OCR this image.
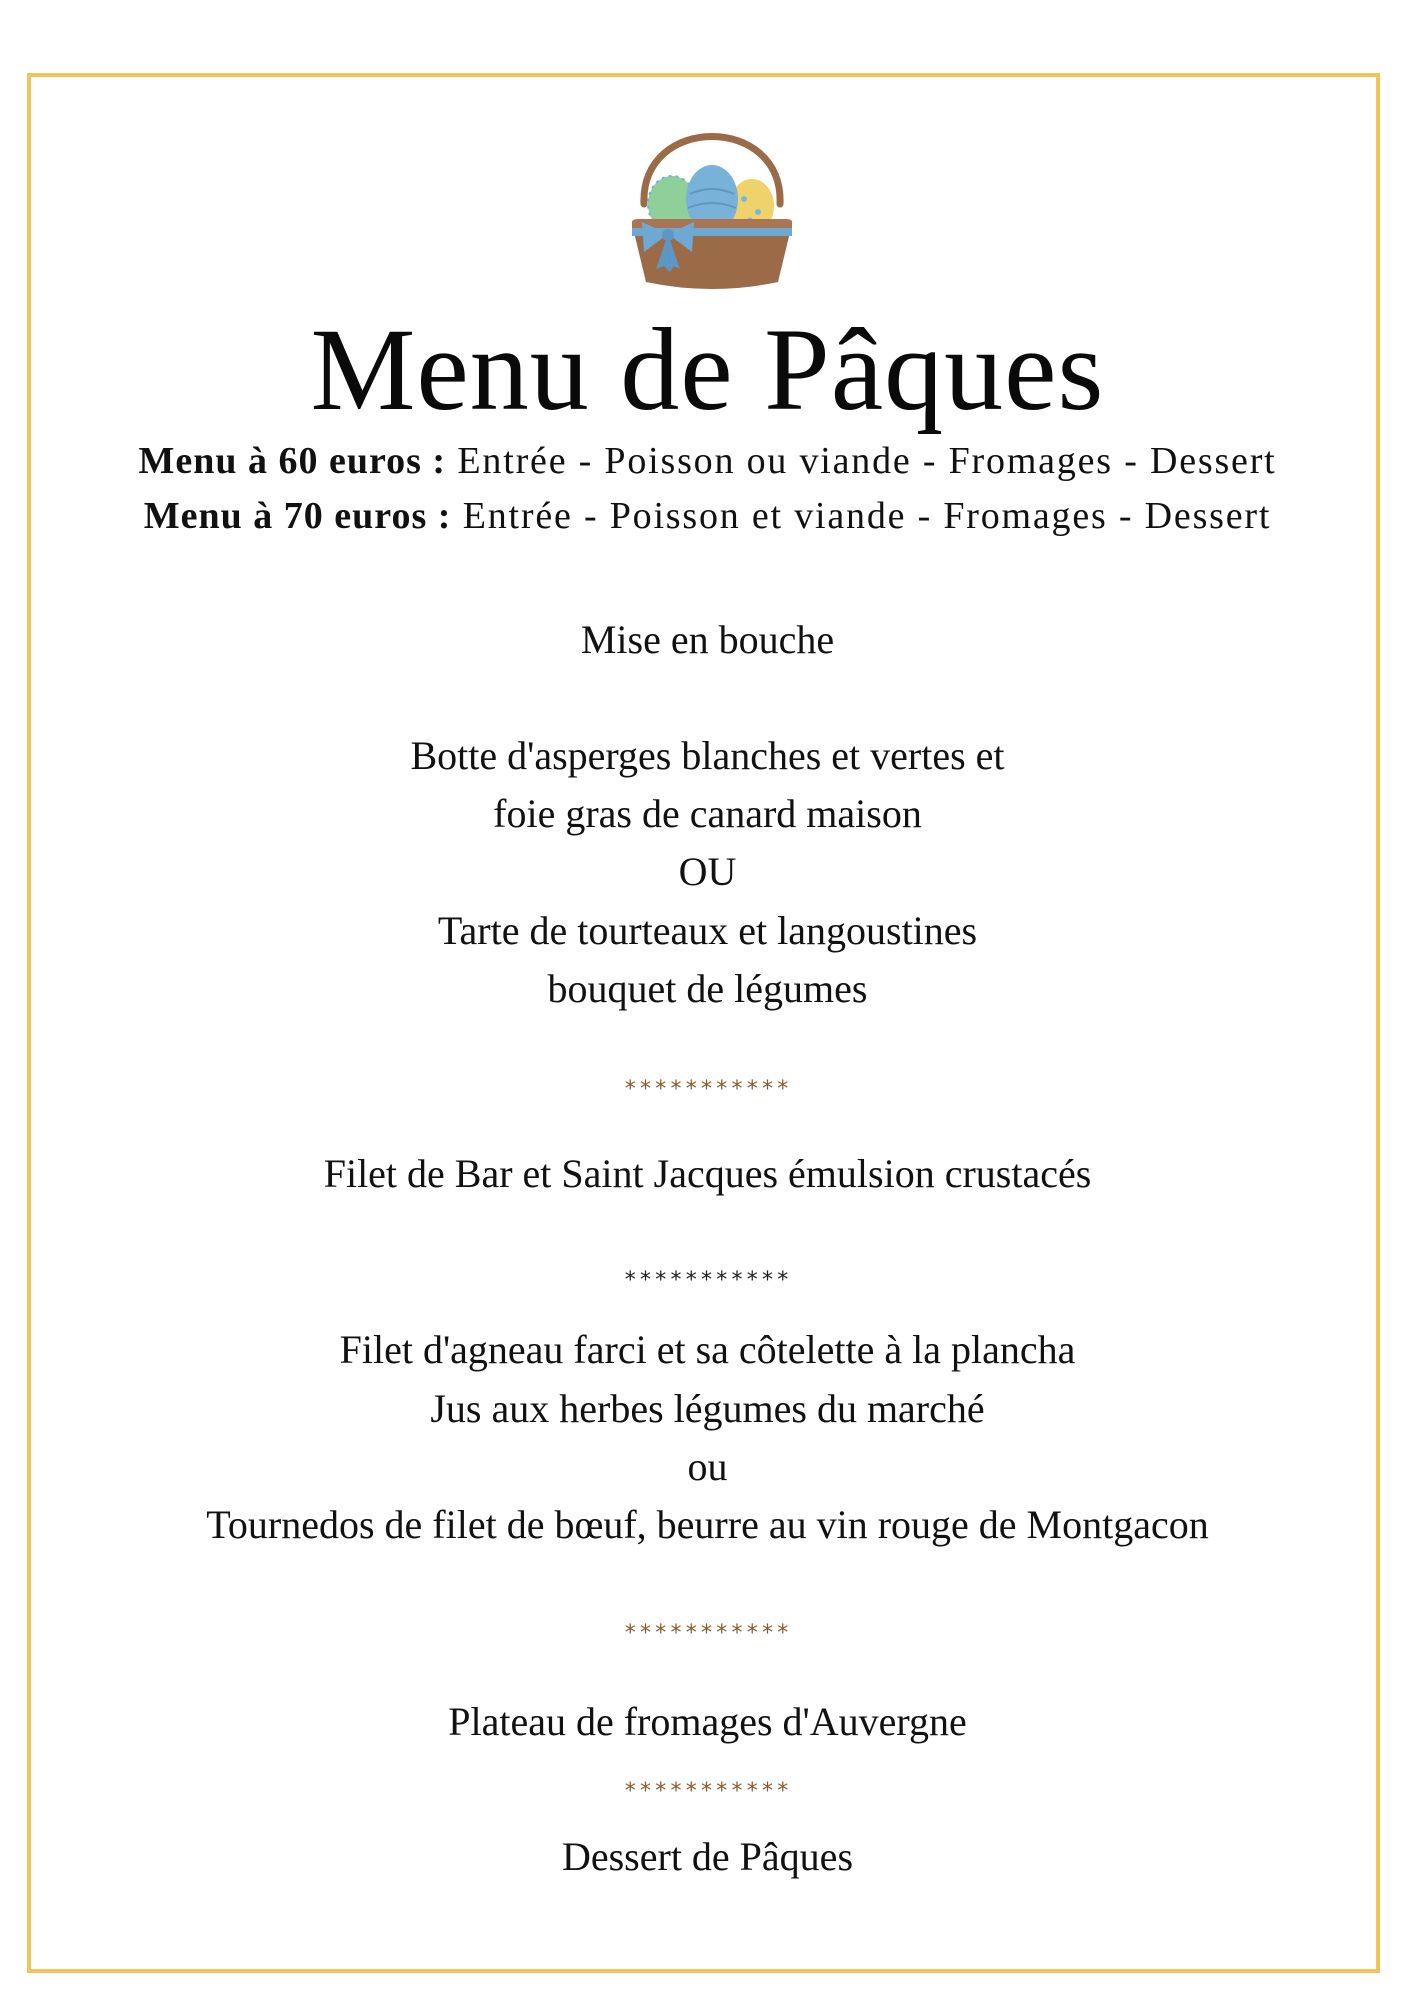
Menu de Pâques
Menu à 60 euros : Entrée - Poisson ou viande - Fromages - Dessert
Menu à 70 euros : Entrée - Poisson et viande - Fromages - Dessert
Mise en bouche
Botte d'asperges blanches et vertes et
foie gras de canard maison
OU
Tarte de tourteaux et langoustines
bouquet de légumes
***********
Filet de Bar et Saint Jacques émulsion crustacés
***********
Filet d'agneau farci et sa côtelette à la plancha
Jus aux herbes légumes du marché
ou
Tournedos de filet de bœuf, beurre au vin rouge de Montgacon
***********
Plateau de fromages d'Auvergne
***********
Dessert de Pâques
